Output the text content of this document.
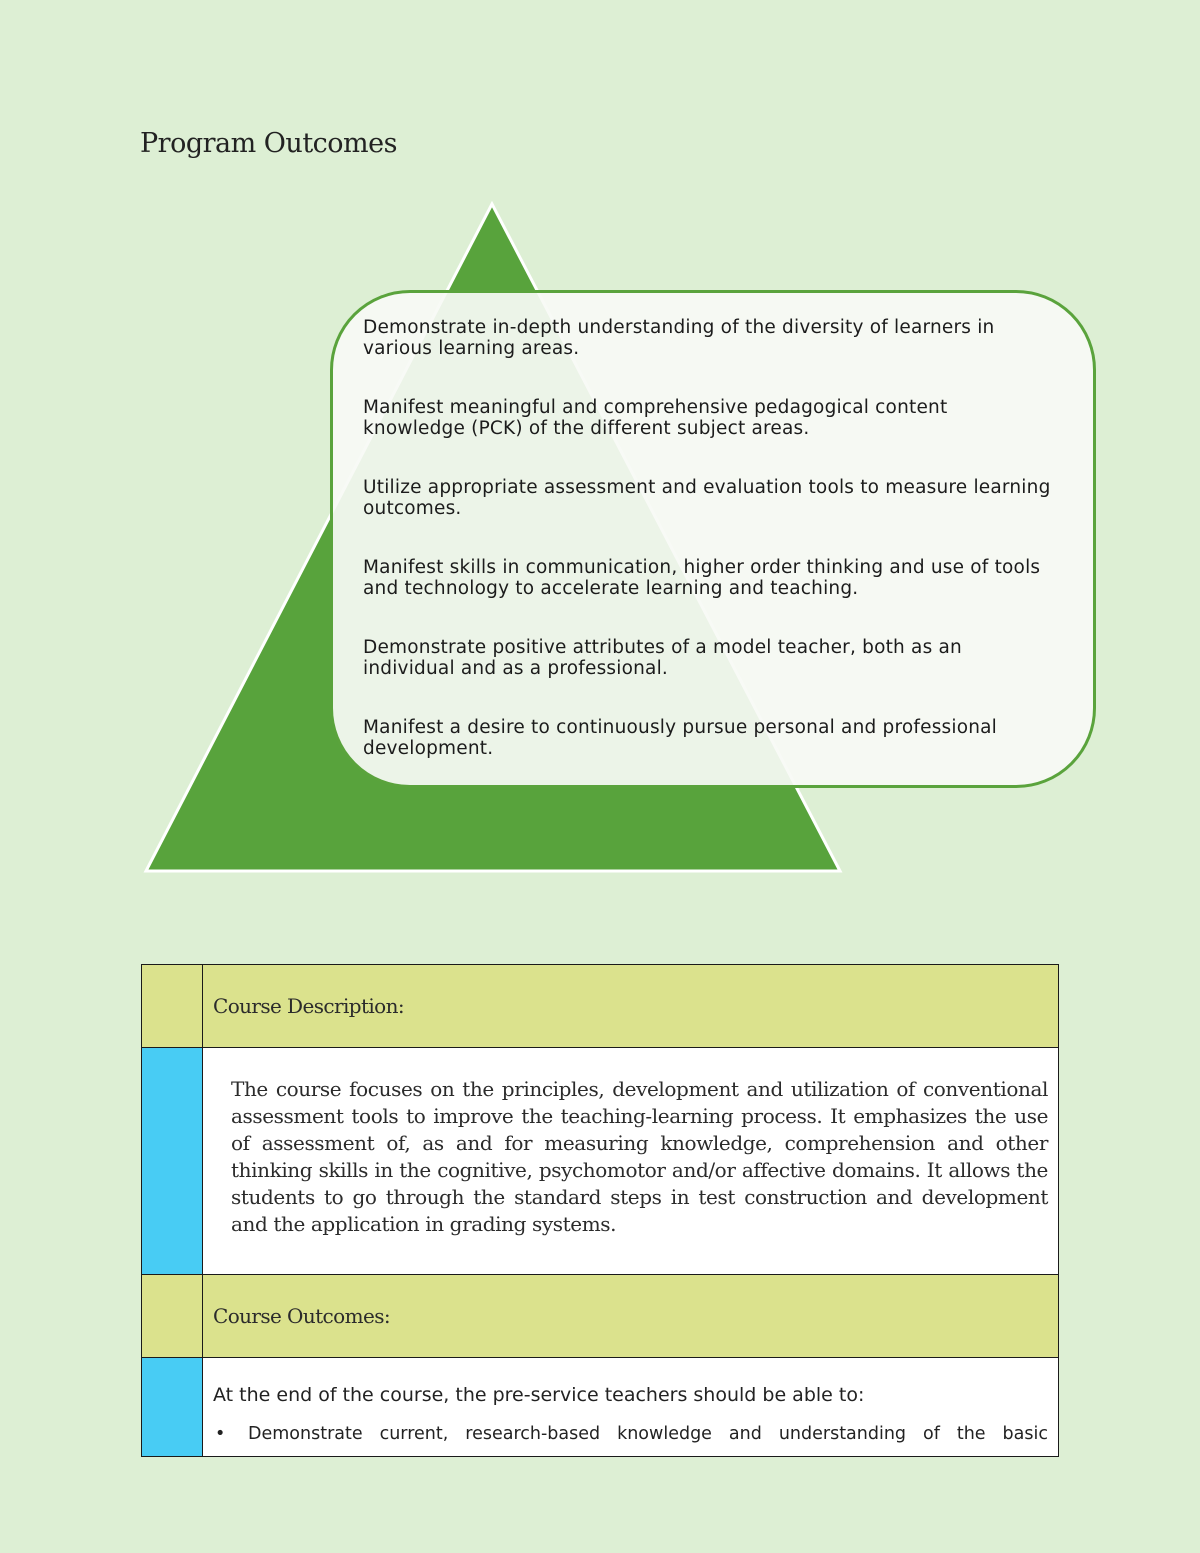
Program Outcomes

Demonstrate in-depth understanding of the diversity of learners in various learning areas.

Manifest meaningful and comprehensive pedagogical content knowledge (PCK) of the different subject areas.

Utilize appropriate assessment and evaluation tools to measure learning outcomes.

Manifest skills in communication, higher order thinking and use of tools and technology to accelerate learning and teaching.

Demonstrate positive attributes of a model teacher, both as an individual and as a professional.

Manifest a desire to continuously pursue personal and professional development.

	Course Description:

	The course focuses on the principles, development and utilization of conventional assessment tools to improve the teaching-learning process. It emphasizes the use of assessment of, as and for measuring knowledge, comprehension and other thinking skills in the cognitive, psychomotor and/or affective domains. It allows the students to go through the standard steps in test construction and development and the application in grading systems.

	Course Outcomes:

	At the end of the course, the pre-service teachers should be able to:
• Demonstrate current, research-based knowledge and understanding of the basic
